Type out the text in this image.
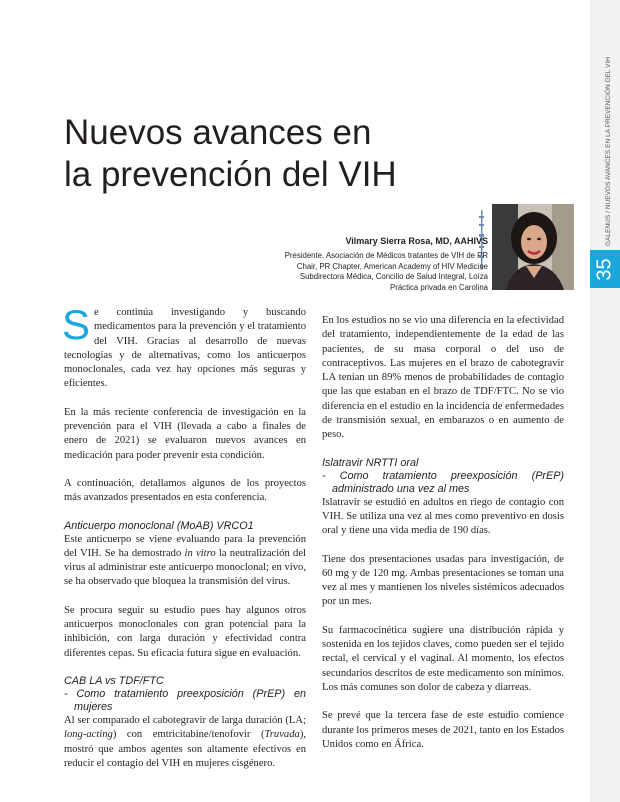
GALENUS / NUEVOS AVANCES EN LA PREVENCIÓN DEL VIH
35
Nuevos avances en
la prevención del VIH
Vilmary Sierra Rosa, MD, AAHIVS
Presidente, Asociación de Médicos tratantes de VIH de PR
Chair, PR Chapter, American Academy of HIV Medicine
Subdirectora Médica, Concilio de Salud Integral, Loíza
Práctica privada en Carolina

Se continúa investigando y buscando medicamentos para la prevención y el tratamiento del VIH. Gracias al desarrollo de nuevas tecnologías y de alternativas, como los anticuerpos monoclonales, cada vez hay opciones más seguras y eficientes.

En la más reciente conferencia de investigación en la prevención para el VIH (llevada a cabo a finales de enero de 2021) se evaluaron nuevos avances en medicación para poder prevenir esta condición.

A continuación, detallamos algunos de los proyectos más avanzados presentados en esta conferencia.

Anticuerpo monoclonal (MoAB) VRCO1

Este anticuerpo se viene evaluando para la prevención del VIH. Se ha demostrado in vitro la neutralización del virus al administrar este anticuerpo monoclonal; en vivo, se ha observado que bloquea la transmisión del virus.

Se procura seguir su estudio pues hay algunos otros anticuerpos monoclonales con gran potencial para la inhibición, con larga duración y efectividad contra diferentes cepas. Su eficacia futura sigue en evaluación.

CAB LA vs TDF/FTC
- Como tratamiento preexposición (PrEP) en mujeres

Al ser comparado el cabotegravir de larga duración (LA; long-acting) con emtricitabine/tenofovir (Truvada), mostró que ambos agentes son altamente efectivos en reducir el contagio del VIH en mujeres cisgénero.

En los estudios no se vio una diferencia en la efectividad del tratamiento, independientemente de la edad de las pacientes, de su masa corporal o del uso de contraceptivos. Las mujeres en el brazo de cabotegravir LA tenían un 89% menos de probabilidades de contagio que las que estaban en el brazo de TDF/FTC. No se vio diferencia en el estudio en la incidencia de enfermedades de transmisión sexual, en embarazos o en aumento de peso.

Islatravir NRTTI oral
- Como tratamiento preexposición (PrEP) administrado una vez al mes

Islatravir se estudió en adultos en riego de contagio con VIH. Se utiliza una vez al mes como preventivo en dosis oral y tiene una vida media de 190 días.

Tiene dos presentaciones usadas para investigación, de 60 mg y de 120 mg. Ambas presentaciones se toman una vez al mes y mantienen los niveles sistémicos adecuados por un mes.

Su farmacocinética sugiere una distribución rápida y sostenida en los tejidos claves, como pueden ser el tejido rectal, el cervical y el vaginal. Al momento, los efectos secundarios descritos de este medicamento son mínimos. Los más comunes son dolor de cabeza y diarreas.

Se prevé que la tercera fase de este estudio comience durante los primeros meses de 2021, tanto en los Estados Unidos como en África.
